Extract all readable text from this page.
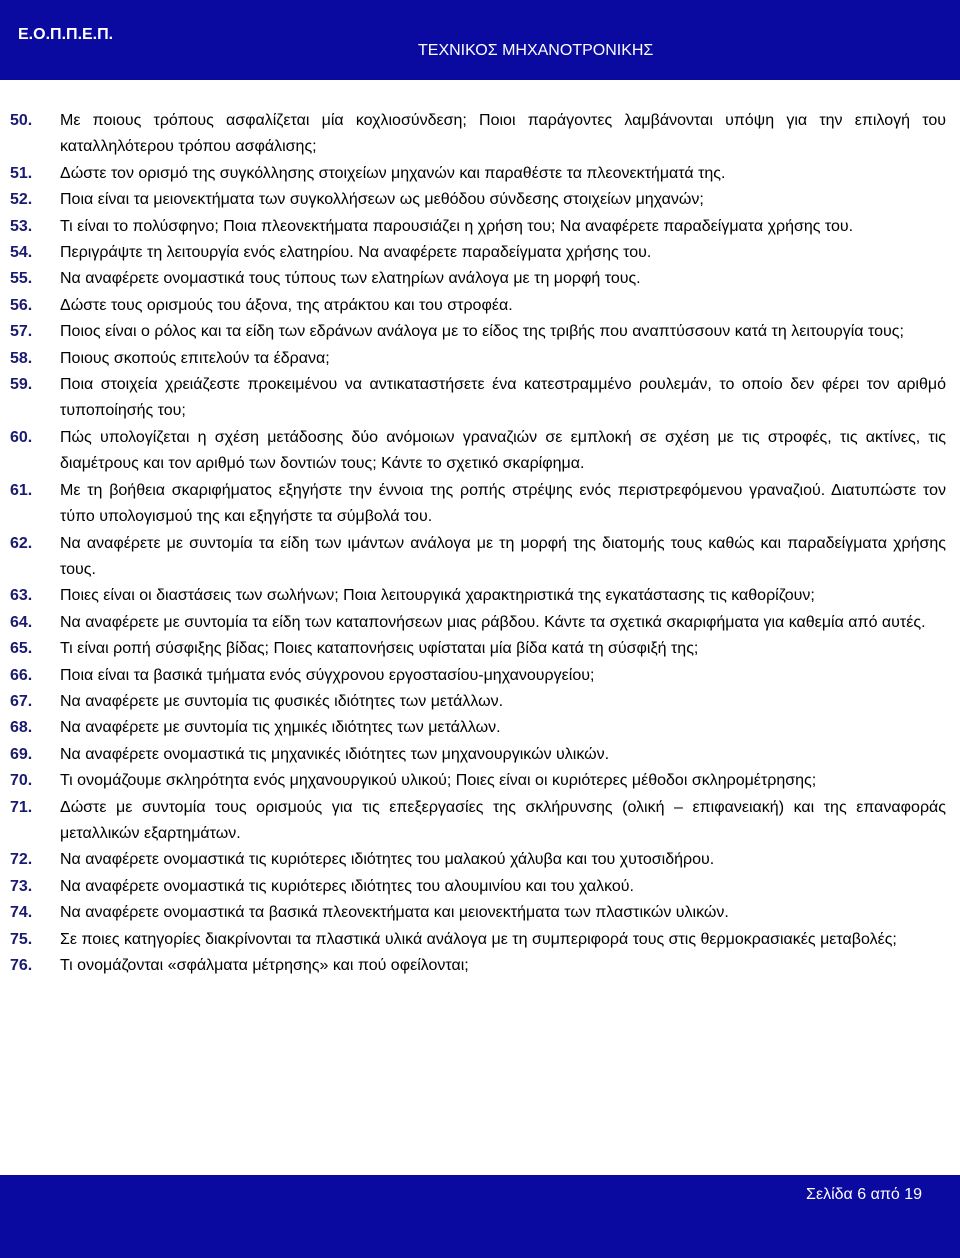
Ε.Ο.Π.Π.Ε.Π.
ΤΕΧΝΙΚΟΣ ΜΗΧΑΝΟΤΡΟΝΙΚΗΣ
50.	Με ποιους τρόπους ασφαλίζεται μία κοχλιοσύνδεση; Ποιοι παράγοντες λαμβάνονται υπόψη για την επιλογή του καταλληλότερου τρόπου ασφάλισης;
51.	Δώστε τον ορισμό της συγκόλλησης στοιχείων μηχανών και παραθέστε τα πλεονεκτήματά της.
52.	Ποια είναι τα μειονεκτήματα των συγκολλήσεων ως μεθόδου σύνδεσης στοιχείων μηχανών;
53.	Τι είναι το πολύσφηνο; Ποια πλεονεκτήματα παρουσιάζει η χρήση του; Να αναφέρετε παραδείγματα χρήσης του.
54.	Περιγράψτε τη λειτουργία ενός ελατηρίου. Να αναφέρετε παραδείγματα χρήσης του.
55.	Να αναφέρετε ονομαστικά τους τύπους των ελατηρίων ανάλογα με τη μορφή τους.
56.	Δώστε τους ορισμούς του άξονα, της ατράκτου και του στροφέα.
57.	Ποιος είναι ο ρόλος και τα είδη των εδράνων ανάλογα με το είδος της τριβής που αναπτύσσουν κατά τη λειτουργία τους;
58.	Ποιους σκοπούς επιτελούν τα έδρανα;
59.	Ποια στοιχεία χρειάζεστε προκειμένου να αντικαταστήσετε ένα κατεστραμμένο ρουλεμάν, το οποίο δεν φέρει τον αριθμό τυποποίησής του;
60.	Πώς υπολογίζεται η σχέση μετάδοσης δύο ανόμοιων γραναζιών σε εμπλοκή σε σχέση με τις στροφές, τις ακτίνες, τις διαμέτρους και τον αριθμό των δοντιών τους; Κάντε το σχετικό σκαρίφημα.
61.	Με τη βοήθεια σκαριφήματος εξηγήστε την έννοια της ροπής στρέψης ενός περιστρεφόμενου γραναζιού. Διατυπώστε τον τύπο υπολογισμού της και εξηγήστε τα σύμβολά του.
62.	Να αναφέρετε με συντομία τα είδη των ιμάντων ανάλογα με τη μορφή της διατομής τους καθώς και παραδείγματα χρήσης τους.
63.	Ποιες είναι οι διαστάσεις των σωλήνων; Ποια λειτουργικά χαρακτηριστικά της εγκατάστασης τις καθορίζουν;
64.	Να αναφέρετε με συντομία τα είδη των καταπονήσεων μιας ράβδου. Κάντε τα σχετικά σκαριφήματα για καθεμία από αυτές.
65.	Τι είναι ροπή σύσφιξης βίδας; Ποιες καταπονήσεις υφίσταται μία βίδα κατά τη σύσφιξή της;
66.	Ποια είναι τα βασικά τμήματα ενός σύγχρονου εργοστασίου-μηχανουργείου;
67.	Να αναφέρετε με συντομία τις φυσικές ιδιότητες των μετάλλων.
68.	Να αναφέρετε με συντομία τις χημικές ιδιότητες των μετάλλων.
69.	Να αναφέρετε ονομαστικά τις μηχανικές ιδιότητες των μηχανουργικών υλικών.
70.	Τι ονομάζουμε σκληρότητα ενός μηχανουργικού υλικού; Ποιες είναι οι κυριότερες μέθοδοι σκληρομέτρησης;
71.	Δώστε με συντομία τους ορισμούς για τις επεξεργασίες της σκλήρυνσης (ολική – επιφανειακή) και της επαναφοράς μεταλλικών εξαρτημάτων.
72.	Να αναφέρετε ονομαστικά τις κυριότερες ιδιότητες του μαλακού χάλυβα και του χυτοσιδήρου.
73.	Να αναφέρετε ονομαστικά τις κυριότερες ιδιότητες του αλουμινίου και του χαλκού.
74.	Να αναφέρετε ονομαστικά τα βασικά πλεονεκτήματα και μειονεκτήματα των πλαστικών υλικών.
75.	Σε ποιες κατηγορίες διακρίνονται τα πλαστικά υλικά ανάλογα με τη συμπεριφορά τους στις θερμοκρασιακές μεταβολές;
76.	Τι ονομάζονται «σφάλματα μέτρησης» και πού οφείλονται;
Σελίδα 6 από 19
